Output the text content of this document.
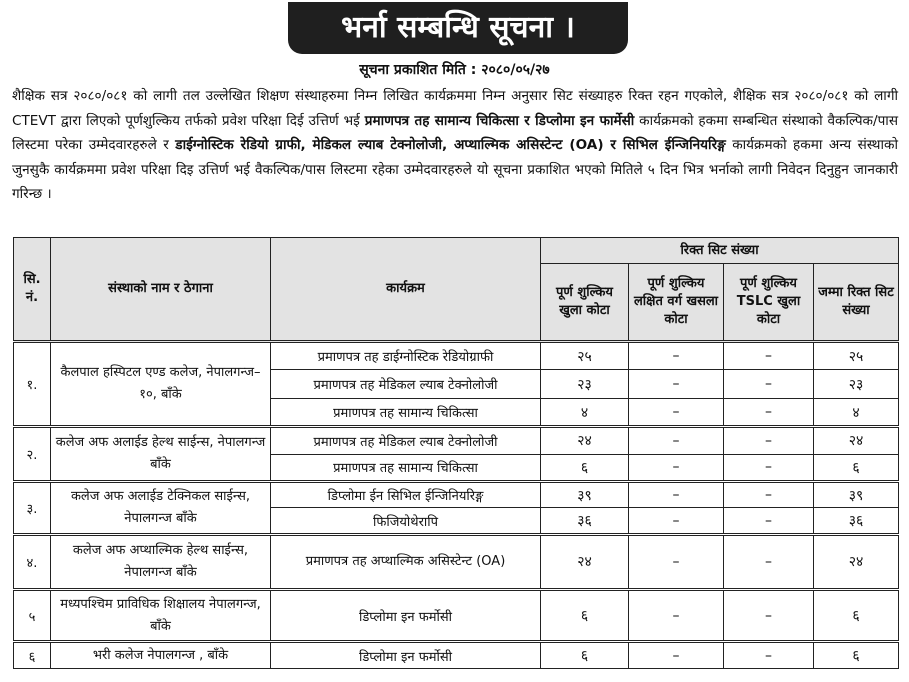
भर्ना सम्बन्धि सूचना ।
सूचना प्रकाशित मिति : २०८०/०५/२७

शैक्षिक सत्र २०८०/०८१ को लागी तल उल्लेखित शिक्षण संस्थाहरुमा निम्न लिखित कार्यक्रममा निम्न अनुसार सिट संख्याहरु रिक्त रहन गएकोले, शैक्षिक सत्र २०८०/०८१ को लागी CTEVT द्वारा लिएको पूर्णशुल्किय तर्फको प्रवेश परिक्षा दिई उत्तिर्ण भई प्रमाणपत्र तह सामान्य चिकित्सा र डिप्लोमा इन फार्मेसी कार्यक्रमको हकमा सम्बन्धित संस्थाको वैकल्पिक/पास लिस्टमा परेका उम्मेदवारहरुले र डाईग्नोस्टिक रेडियो ग्राफी, मेडिकल ल्याब टेक्नोलोजी, अप्थाल्मिक असिस्टेन्ट (OA) र सिभिल ईन्जिनियरिङ्ग कार्यक्रमको हकमा अन्य संस्थाको जुनसुकै कार्यक्रममा प्रवेश परिक्षा दिइ उत्तिर्ण भई वैकल्पिक/पास लिस्टमा रहेका उम्मेदवारहरुले यो सूचना प्रकाशित भएको मितिले ५ दिन भित्र भर्नाको लागी निवेदन दिनुहुन जानकारी गरिन्छ ।

सि. नं.	संस्थाको नाम र ठेगाना	कार्यक्रम	रिक्त सिट संख्या			
			पूर्ण शुल्किय खुला कोटा	पूर्ण शुल्किय लक्षित वर्ग खसला कोटा	पूर्ण शुल्किय TSLC खुला कोटा	जम्मा रिक्त सिट संख्या
१.	कैलपाल हस्पिटल एण्ड कलेज, नेपालगन्ज–१०, बाँके	प्रमाणपत्र तह डाईग्नोस्टिक रेडियोग्राफी	२५	–	–	२५
		प्रमाणपत्र तह मेडिकल ल्याब टेक्नोलोजी	२३	–	–	२३
		प्रमाणपत्र तह सामान्य चिकित्सा	४	–	–	४
२.	कलेज अफ अलाईड हेल्थ साईन्स, नेपालगन्ज बाँके	प्रमाणपत्र तह मेडिकल ल्याब टेक्नोलोजी	२४	–	–	२४
		प्रमाणपत्र तह सामान्य चिकित्सा	६	–	–	६
३.	कलेज अफ अलाईड टेक्निकल साईन्स, नेपालगन्ज बाँके	डिप्लोमा ईन सिभिल ईन्जिनियरिङ्ग	३९	–	–	३९
		फिजियोथेरापि	३६	–	–	३६
४.	कलेज अफ अप्थाल्मिक हेल्थ साईन्स, नेपालगन्ज बाँके	प्रमाणपत्र तह अप्थाल्मिक असिस्टेन्ट (OA)	२४	–	–	२४
५	मध्यपश्चिम प्राविधिक शिक्षालय नेपालगन्ज, बाँके	डिप्लोमा इन फर्मोसी	६	–	–	६
६	भरी कलेज नेपालगन्ज , बाँके	डिप्लोमा इन फर्मोसी	६	–	–	६
